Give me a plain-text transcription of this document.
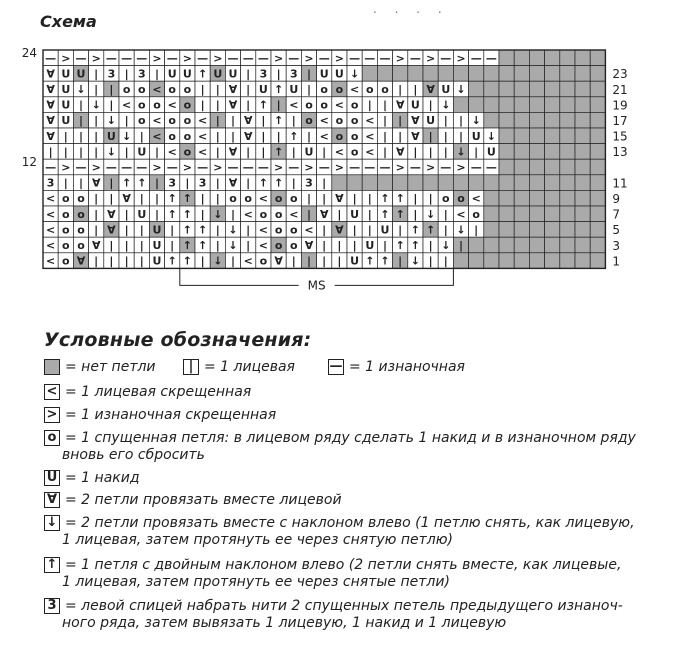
Схема
. . . .
— > — > — — — > — > — > — — — > — > — > — — — > — > — > — —
∀ U U | 3 | 3 | U U ↑ U U | 3 | 3 | U U ↓
∀ U ↓ | | o o < o o | | ∀ | U ↑ U | o o < o o | | ∀ U ↓
∀ U | ↓ | < o o < o | | ∀ | ↑ | < o o < o | | ∀ U | ↓
∀ U | | ↓ | o < o o < | | ∀ | ↑ | o < o o < | | ∀ U | | ↓
∀ | | | U ↓ | < o o < | | ∀ | | ↑ | < o o < | | ∀ | | | U ↓
| | | | ↓ | U | < o < | ∀ | | ↑ | U | < o < | ∀ | | | ↓ | U
— > — > — — — > — > — > — — — > — > — > — — — > — > — > — —
3 | | ∀ | ↑ ↑ | 3 | 3 | ∀ | ↑ ↑ | 3 |
< o o | | ∀ | | ↑ ↑ | | o o < o o | | ∀ | | ↑ ↑ | | o o <
< o o | ∀ | U | ↑ ↑ | ↓ | < o o < | ∀ | U | ↑ ↑ | ↓ | < o
< o o | ∀ | | U | ↑ ↑ | ↓ | < o o < | ∀ | | U | ↑ ↑ | ↓ |
< o o ∀ | | | U | ↑ ↑ | ↓ | < o o ∀ | | | U | ↑ ↑ | ↓ |
< o ∀ | | | | U ↑ ↑ | ↓ | < o ∀ | | | | U ↑ ↑ | ↓ | |
23
21
19
17
15
13
11
9
7
5
3
1
24
12
MS
Условные обозначения:
= нет петли	| = 1 лицевая	— = 1 изнаночная
< = 1 лицевая скрещенная
> = 1 изнаночная скрещенная
o = 1 спущенная петля: в лицевом ряду сделать 1 накид и в изнаночном ряду
вновь его сбросить
U = 1 накид
∀ = 2 петли провязать вместе лицевой
↓ = 2 петли провязать вместе с наклоном влево (1 петлю снять, как лицевую,
1 лицевая, затем протянуть ее через снятую петлю)
↑ = 1 петля с двойным наклоном влево (2 петли снять вместе, как лицевые,
1 лицевая, затем протянуть ее через снятые петли)
3 = левой спицей набрать нити 2 спущенных петель предыдущего изнаноч-
ного ряда, затем вывязать 1 лицевую, 1 накид и 1 лицевую
